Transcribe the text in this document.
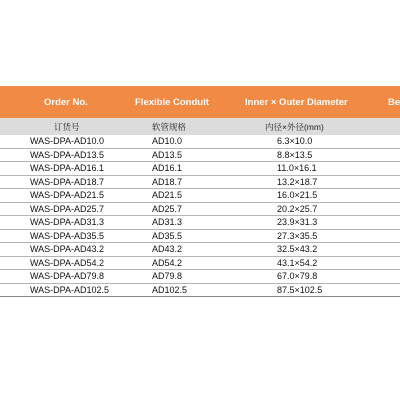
Order No.	Flexible Conduit	Inner × Outer Diameter	Be
订货号	软管规格	内径×外径(mm)
WAS-DPA-AD10.0	AD10.0	6.3×10.0
WAS-DPA-AD13.5	AD13.5	8.8×13.5
WAS-DPA-AD16.1	AD16.1	11.0×16.1
WAS-DPA-AD18.7	AD18.7	13.2×18.7
WAS-DPA-AD21.5	AD21.5	16.0×21.5
WAS-DPA-AD25.7	AD25.7	20.2×25.7
WAS-DPA-AD31.3	AD31.3	23.9×31.3
WAS-DPA-AD35.5	AD35.5	27.3×35.5
WAS-DPA-AD43.2	AD43.2	32.5×43.2
WAS-DPA-AD54.2	AD54.2	43.1×54.2
WAS-DPA-AD79.8	AD79.8	67.0×79.8
WAS-DPA-AD102.5	AD102.5	87.5×102.5
